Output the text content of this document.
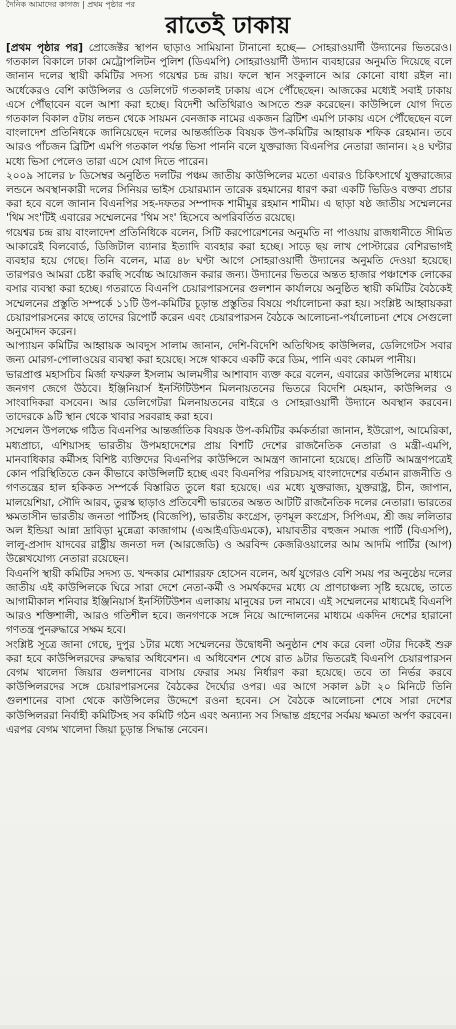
দৈনিক আমাদের কাগজ | প্রথম পৃষ্ঠার পর
রাতেই ঢাকায়

[প্রথম পৃষ্ঠার পর] প্রোজেক্টর স্থাপন ছাড়াও সামিয়ানা টানানো হচ্ছে— সোহরাওয়ার্দী উদ্যানের ভিতরেও। গতকাল বিকালে ঢাকা মেট্রোপলিটন পুলিশ (ডিএমপি) সোহরাওয়ার্দী উদ্যান ব্যবহারের অনুমতি দিয়েছে বলে জানান দলের স্থায়ী কমিটির সদস্য গয়েশ্বর চন্দ্র রায়। ফলে স্থান সংকুলানে আর কোনো বাধা রইল না। অর্ধেকেরও বেশি কাউন্সিলর ও ডেলিগেট গতকালই ঢাকায় এসে পৌঁছেছেন। আজকের মধ্যেই সবাই ঢাকায় এসে পৌঁছাবেন বলে আশা করা হচ্ছে। বিদেশী অতিথিরাও আসতে শুরু করেছেন। কাউন্সিলে যোগ দিতে গতকাল বিকাল ৫টায় লন্ডন থেকে সায়মন বেনজাক নামের একজন ব্রিটিশ এমপি ঢাকায় এসে পৌঁছেছেন বলে বাংলাদেশ প্রতিনিধকে জানিয়েছেন দলের আন্তর্জাতিক বিষয়ক উপ-কমিটির আহ্বায়ক শফিক রেহমান। তবে আরও পাঁচজন ব্রিটিশ এমপি গতকাল পর্যন্ত ভিসা পাননি বলে যুক্তরাজ্য বিএনপির নেতারা জানান। ২৪ ঘণ্টার মধ্যে ভিসা পেলেও তারা এসে যোগ দিতে পারেন।

২০০৯ সালের ৮ ডিসেম্বর অনুষ্ঠিত দলটির পঞ্চম জাতীয় কাউন্সিলের মতো এবারও চিকিৎসার্থে যুক্তরাজ্যের লন্ডনে অবস্থানকারী দলের সিনিয়র ভাইস চেয়ারম্যান তারেক রহমানের ধারণ করা একটি ভিডিও বক্তব্য প্রচার করা হবে বলে জানান বিএনপির সহ-দফতর সম্পাদক শামীমুর রহমান শামীম। এ ছাড়া ষষ্ঠ জাতীয় সম্মেলনের 'থিম সং'টিই এবারের সম্মেলনের 'থিম সং' হিসেবে অপরিবর্তিত রয়েছে।

গয়েশ্বর চন্দ্র রায় বাংলাদেশ প্রতিনিধিকে বলেন, সিটি করপোরেশনের অনুমতি না পাওয়ায় রাজধানীতে সীমিত আকারেই বিলবোর্ড, ডিজিটাল ব্যানার ইত্যাদি ব্যবহার করা হচ্ছে। সাড়ে ছয় লাখ পোস্টারের বেশিরভাগই ব্যবহার হয়ে গেছে। তিনি বলেন, মাত্র ৪৮ ঘণ্টা আগে সোহরাওয়ার্দী উদ্যানের অনুমতি দেওয়া হয়েছে। তারপরও আমরা চেষ্টা করছি সর্বোচ্চ আয়োজন করার জন্য। উদ্যানের ভিতরে অন্তত হাজার পঞ্চাশেক লোকের বসার ব্যবস্থা করা হচ্ছে। গতরাতে বিএনপি চেয়ারপারসনের গুলশান কার্যালয়ে অনুষ্ঠিত স্থায়ী কমিটির বৈঠকেই সম্মেলনের প্রস্তুতি সম্পর্কে ১১টি উপ-কমিটির চূড়ান্ত প্রস্তুতির বিষয়ে পর্যালোচনা করা হয়। সংশ্লিষ্ট আহ্বায়করা চেয়ারপারসনের কাছে তাদের রিপোর্ট করেন এবং চেয়ারপারসন বৈঠকে আলোচনা-পর্যালোচনা শেষে সেগুলো অনুমোদন করেন।

আপ্যায়ন কমিটির আহ্বায়ক আবদুস সালাম জানান, দেশি-বিদেশি অতিথিসহ কাউন্সিলর, ডেলিগেটস সবার জন্য মোরগ-পোলাওয়ের ব্যবস্থা করা হয়েছে। সঙ্গে থাকবে একটি করে ডিম, পানি এবং কোমল পানীয়।

ভারপ্রাপ্ত মহাসচিব মির্জা ফখরুল ইসলাম আলমগীর আশাবাদ ব্যক্ত করে বলেন, এবারের কাউন্সিলের মাধ্যমে জনগণ জেগে উঠবে। ইঞ্জিনিয়ার্স ইনস্টিটিউশন মিলনায়তনের ভিতরে বিদেশি মেহমান, কাউন্সিলর ও সাংবাদিকরা বসবেন। আর ডেলিগেটরা মিলনায়তনের বাইরে ও সোহরাওয়ার্দী উদ্যানে অবস্থান করবেন। তাদেরকে ৯টি স্থান থেকে খাবার সরবরাহ করা হবে।

সম্মেলন উপলক্ষে গঠিত বিএনপির আন্তর্জাতিক বিষয়ক উপ-কমিটির কর্মকর্তারা জানান, ইউরোপ, আমেরিকা, মধ্যপ্রাচ্য, এশিয়াসহ ভারতীয় উপমহাদেশের প্রায় বিশটি দেশের রাজনৈতিক নেতারা ও মন্ত্রী-এমপি, মানবাধিকার কর্মীসহ বিশিষ্ট ব্যক্তিদের বিএনপির কাউন্সিলে আমন্ত্রণ জানানো হয়েছে। প্রতিটি আমন্ত্রণপত্রেই কোন পরিস্থিতিতে কেন কীভাবে কাউন্সিলটি হচ্ছে এবং বিএনপির পরিচয়সহ বাংলাদেশের বর্তমান রাজনীতি ও গণতন্ত্রের হাল হকিকত সম্পর্কে বিস্তারিত তুলে ধরা হয়েছে। এর মধ্যে যুক্তরাজ্য, যুক্তরাষ্ট্র, চীন, জাপান, মালয়েশিয়া, সৌদি আরব, তুরস্ক ছাড়াও প্রতিবেশী ভারতের অন্তত আটটি রাজনৈতিক দলের নেতারা। ভারতের ক্ষমতাসীন ভারতীয় জনতা পার্টিসহ (বিজেপি), ভারতীয় কংগ্রেস, তৃণমূল কংগ্রেস, সিপিএম, শ্রী জয় ললিতার অল ইন্ডিয়া আন্না দ্রাবিড়া মুন্নেত্রা কাজাগাম (এআইএডিএমকে), মায়াবতীর বহুজন সমাজ পার্টি (বিএসপি), লালু-প্রসাদ যাদবের রাষ্ট্রীয় জনতা দল (আরজেডি) ও অরবিন্দ কেজরিওয়ালের আম আদমি পার্টির (আপ) উল্লেখযোগ্য নেতারা রয়েছেন।

বিএনপি স্থায়ী কমিটির সদস্য ড. খন্দকার মোশাররফ হোসেন বলেন, অর্ধ যুগেরও বেশি সময় পর অনুষ্ঠেয় দলের জাতীয় এই কাউন্সিলকে ঘিরে সারা দেশে নেতা-কর্মী ও সমর্থকদের মধ্যে যে প্রাণচাঞ্চল্য সৃষ্টি হয়েছে, তাতে আগামীকাল শনিবার ইঞ্জিনিয়ার্স ইনস্টিটিউশন এলাকায় মানুষের ঢল নামবে। এই সম্মেলনের মাধ্যমেই বিএনপি আরও শক্তিশালী, আরও গতিশীল হবে। জনগণকে সঙ্গে নিয়ে আন্দোলনের মাধ্যমে একদিন দেশের হারানো গণতন্ত্র পুনরুদ্ধারে সক্ষম হবে।

সংশ্লিষ্ট সূত্রে জানা গেছে, দুপুর ১টার মধ্যে সম্মেলনের উদ্বোধনী অনুষ্ঠান শেষ করে বেলা ৩টার দিকেই শুরু করা হবে কাউন্সিলরদের রুদ্ধদ্বার অধিবেশন। এ অধিবেশন শেষে রাত ৯টার ভিতরেই বিএনপি চেয়ারপারসন বেগম খালেদা জিয়ার গুলশানের বাসায় ফেরার সময় নির্ধারণ করা হয়েছে। তবে তা নির্ভর করবে কাউন্সিলরদের সঙ্গে চেয়ারপারসনের বৈঠকের দৈর্ঘ্যের ওপর। এর আগে সকাল ৯টা ২০ মিনিটে তিনি গুলশানের বাসা থেকে কাউন্সিলের উদ্দেশে রওনা হবেন। সে বৈঠকে আলোচনা শেষে সারা দেশের কাউন্সিলররা নির্বাহী কমিটিসহ সব কমিটি গঠন এবং অন্যান্য সব সিদ্ধান্ত গ্রহণের সর্বময় ক্ষমতা অর্পণ করবেন। এরপর বেগম খালেদা জিয়া চূড়ান্ত সিদ্ধান্ত নেবেন।
